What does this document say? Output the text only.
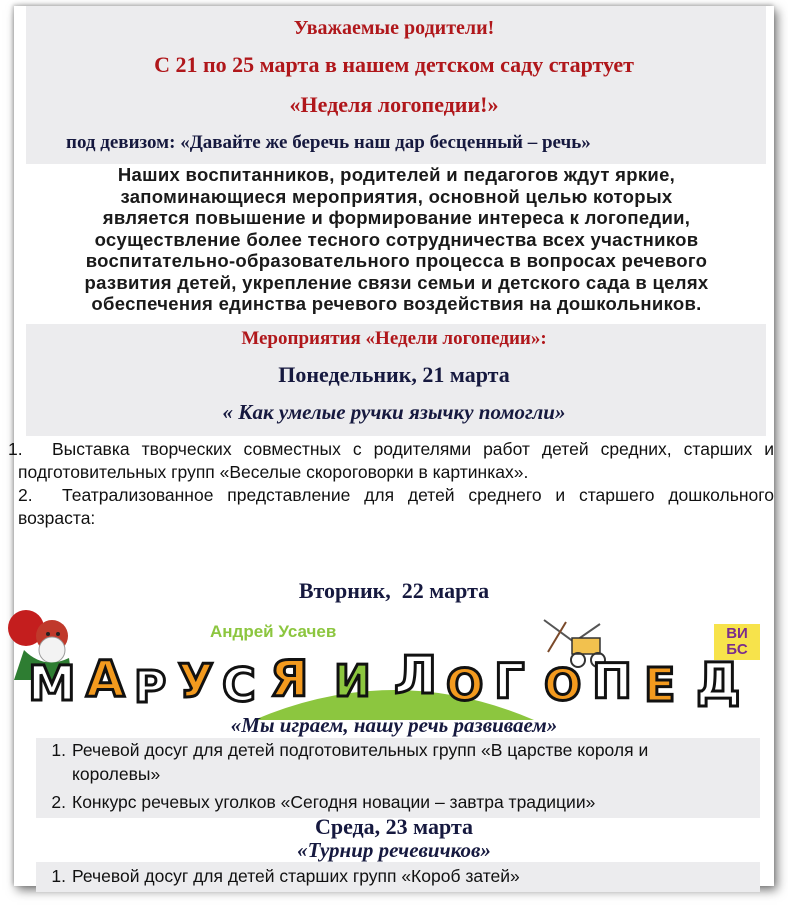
Уважаемые родители!
С 21 по 25 марта в нашем детском саду стартует
«Неделя логопедии!»
под девизом: «Давайте же беречь наш дар бесценный – речь»
Наших воспитанников, родителей и педагогов ждут яркие,
запоминающиеся мероприятия, основной целью которых
является повышение и формирование интереса к логопедии,
осуществление более тесного сотрудничества всех участников
воспитательно-образовательного процесса в вопросах речевого
развития детей, укрепление связи семьи и детского сада в целях
обеспечения единства речевого воздействия на дошкольников.
Мероприятия «Недели логопедии»:
Понедельник, 21 марта
« Как умелые ручки язычку помогли»
1. Выставка творческих совместных с родителями работ детей средних, старших и подготовительных групп «Веселые скороговорки в картинках».
2. Театрализованное представление для детей среднего и старшего дошкольного возраста:
Вторник,  22 марта
Андрей Усачев	ВИ БС
М А Р У С Я И Л О Г О П Е Д
«Мы играем, нашу речь развиваем»
1. Речевой досуг для детей подготовительных групп «В царстве короля и королевы»
2. Конкурс речевых уголков «Сегодня новации – завтра традиции»
Среда, 23 марта
«Турнир речевичков»
1. Речевой досуг для детей старших групп «Короб затей»
